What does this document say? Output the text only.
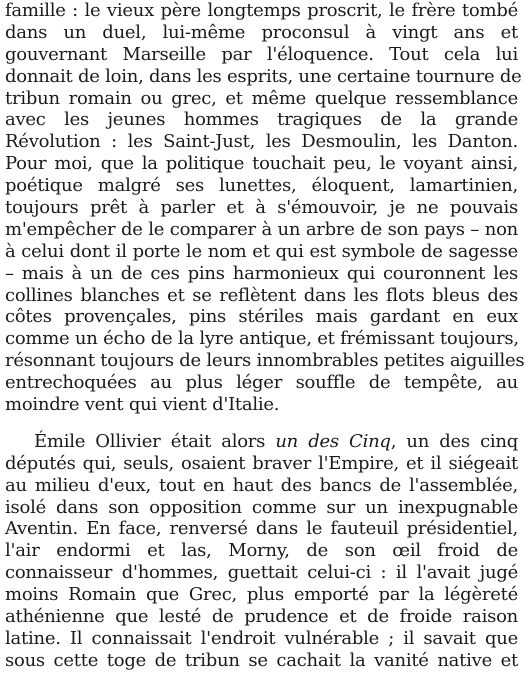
famille : le vieux père longtemps proscrit, le frère tombé
dans un duel, lui-même proconsul à vingt ans et
gouvernant Marseille par l'éloquence. Tout cela lui
donnait de loin, dans les esprits, une certaine tournure de
tribun romain ou grec, et même quelque ressemblance
avec les jeunes hommes tragiques de la grande
Révolution : les Saint-Just, les Desmoulin, les Danton.
Pour moi, que la politique touchait peu, le voyant ainsi,
poétique malgré ses lunettes, éloquent, lamartinien,
toujours prêt à parler et à s'émouvoir, je ne pouvais
m'empêcher de le comparer à un arbre de son pays – non
à celui dont il porte le nom et qui est symbole de sagesse
– mais à un de ces pins harmonieux qui couronnent les
collines blanches et se reflètent dans les flots bleus des
côtes provençales, pins stériles mais gardant en eux
comme un écho de la lyre antique, et frémissant toujours,
résonnant toujours de leurs innombrables petites aiguilles
entrechoquées au plus léger souffle de tempête, au
moindre vent qui vient d'Italie.
Émile Ollivier était alors un des Cinq, un des cinq
députés qui, seuls, osaient braver l'Empire, et il siégeait
au milieu d'eux, tout en haut des bancs de l'assemblée,
isolé dans son opposition comme sur un inexpugnable
Aventin. En face, renversé dans le fauteuil présidentiel,
l'air endormi et las, Morny, de son œil froid de
connaisseur d'hommes, guettait celui-ci : il l'avait jugé
moins Romain que Grec, plus emporté par la légèreté
athénienne que lesté de prudence et de froide raison
latine. Il connaissait l'endroit vulnérable ; il savait que
sous cette toge de tribun se cachait la vanité native et
